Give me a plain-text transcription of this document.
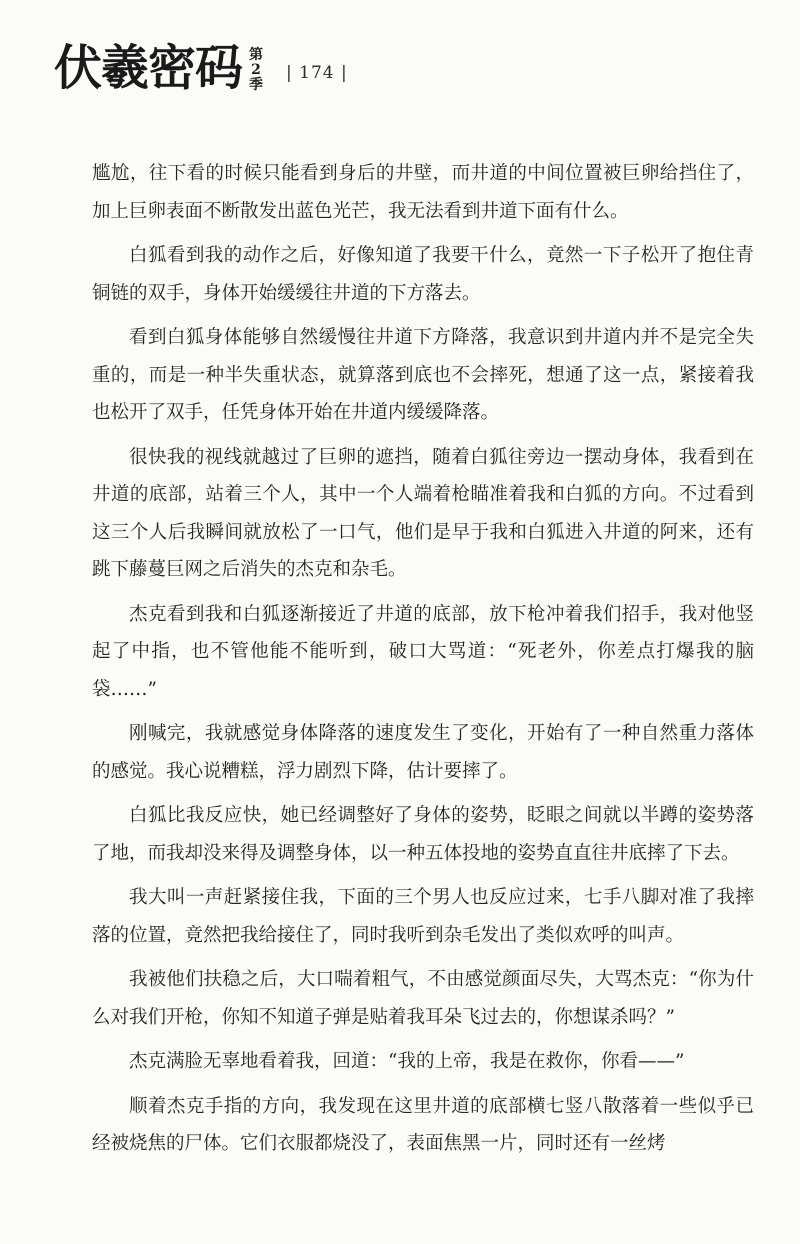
伏羲密码 第2季
| 174 |

尴尬，往下看的时候只能看到身后的井壁，而井道的中间位置被巨卵给挡住了，加上巨卵表面不断散发出蓝色光芒，我无法看到井道下面有什么。

白狐看到我的动作之后，好像知道了我要干什么，竟然一下子松开了抱住青铜链的双手，身体开始缓缓往井道的下方落去。

看到白狐身体能够自然缓慢往井道下方降落，我意识到井道内并不是完全失重的，而是一种半失重状态，就算落到底也不会摔死，想通了这一点，紧接着我也松开了双手，任凭身体开始在井道内缓缓降落。

很快我的视线就越过了巨卵的遮挡，随着白狐往旁边一摆动身体，我看到在井道的底部，站着三个人，其中一个人端着枪瞄准着我和白狐的方向。不过看到这三个人后我瞬间就放松了一口气，他们是早于我和白狐进入井道的阿来，还有跳下藤蔓巨网之后消失的杰克和杂毛。

杰克看到我和白狐逐渐接近了井道的底部，放下枪冲着我们招手，我对他竖起了中指，也不管他能不能听到，破口大骂道：“死老外，你差点打爆我的脑袋……”

刚喊完，我就感觉身体降落的速度发生了变化，开始有了一种自然重力落体的感觉。我心说糟糕，浮力剧烈下降，估计要摔了。

白狐比我反应快，她已经调整好了身体的姿势，眨眼之间就以半蹲的姿势落了地，而我却没来得及调整身体，以一种五体投地的姿势直直往井底摔了下去。

我大叫一声赶紧接住我，下面的三个男人也反应过来，七手八脚对准了我摔落的位置，竟然把我给接住了，同时我听到杂毛发出了类似欢呼的叫声。

我被他们扶稳之后，大口喘着粗气，不由感觉颜面尽失，大骂杰克：“你为什么对我们开枪，你知不知道子弹是贴着我耳朵飞过去的，你想谋杀吗？”

杰克满脸无辜地看着我，回道：“我的上帝，我是在救你，你看——”

顺着杰克手指的方向，我发现在这里井道的底部横七竖八散落着一些似乎已经被烧焦的尸体。它们衣服都烧没了，表面焦黑一片，同时还有一丝烤
